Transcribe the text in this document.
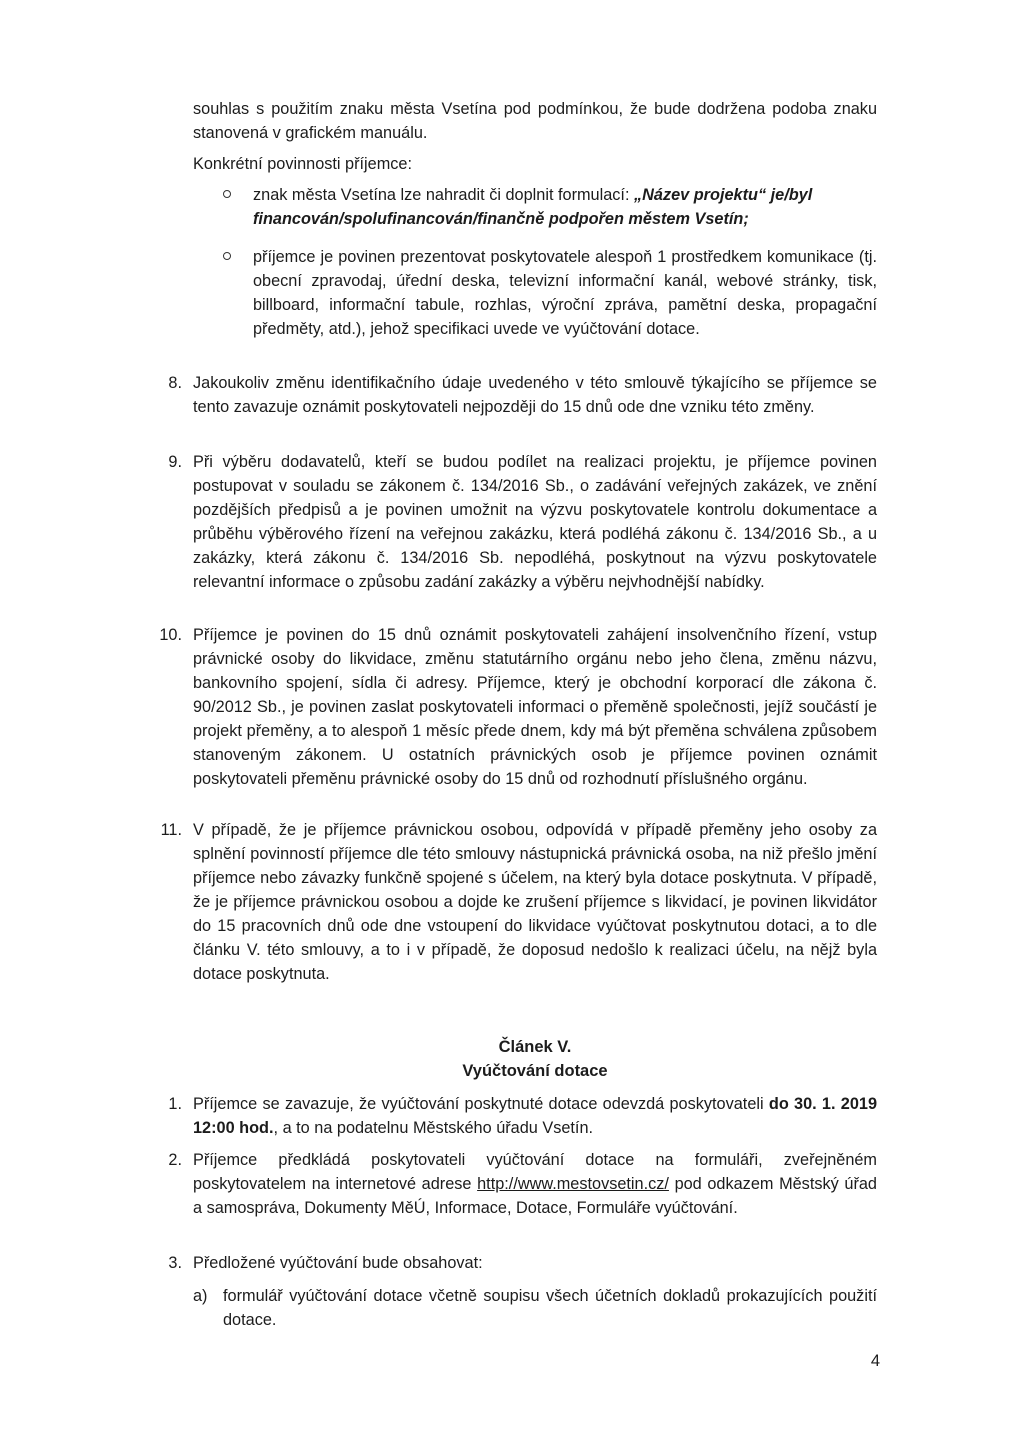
souhlas s použitím znaku města Vsetína pod podmínkou, že bude dodržena podoba znaku stanovená v grafickém manuálu.

Konkrétní povinnosti příjemce:

znak města Vsetína lze nahradit či doplnit formulací: „Název projektu“ je/byl financován/spolufinancován/finančně podpořen městem Vsetín;

příjemce je povinen prezentovat poskytovatele alespoň 1 prostředkem komunikace (tj. obecní zpravodaj, úřední deska, televizní informační kanál, webové stránky, tisk, billboard, informační tabule, rozhlas, výroční zpráva, pamětní deska, propagační předměty, atd.), jehož specifikaci uvede ve vyúčtování dotace.

8. Jakoukoliv změnu identifikačního údaje uvedeného v této smlouvě týkajícího se příjemce se tento zavazuje oznámit poskytovateli nejpozději do 15 dnů ode dne vzniku této změny.

9. Při výběru dodavatelů, kteří se budou podílet na realizaci projektu, je příjemce povinen postupovat v souladu se zákonem č. 134/2016 Sb., o zadávání veřejných zakázek, ve znění pozdějších předpisů a je povinen umožnit na výzvu poskytovatele kontrolu dokumentace a průběhu výběrového řízení na veřejnou zakázku, která podléhá zákonu č. 134/2016 Sb., a u zakázky, která zákonu č. 134/2016 Sb. nepodléhá, poskytnout na výzvu poskytovatele relevantní informace o způsobu zadání zakázky a výběru nejvhodnější nabídky.

10. Příjemce je povinen do 15 dnů oznámit poskytovateli zahájení insolvenčního řízení, vstup právnické osoby do likvidace, změnu statutárního orgánu nebo jeho člena, změnu názvu, bankovního spojení, sídla či adresy. Příjemce, který je obchodní korporací dle zákona č. 90/2012 Sb., je povinen zaslat poskytovateli informaci o přeměně společnosti, jejíž součástí je projekt přeměny, a to alespoň 1 měsíc přede dnem, kdy má být přeměna schválena způsobem stanoveným zákonem. U ostatních právnických osob je příjemce povinen oznámit poskytovateli přeměnu právnické osoby do 15 dnů od rozhodnutí příslušného orgánu.

11. V případě, že je příjemce právnickou osobou, odpovídá v případě přeměny jeho osoby za splnění povinností příjemce dle této smlouvy nástupnická právnická osoba, na niž přešlo jmění příjemce nebo závazky funkčně spojené s účelem, na který byla dotace poskytnuta. V případě, že je příjemce právnickou osobou a dojde ke zrušení příjemce s likvidací, je povinen likvidátor do 15 pracovních dnů ode dne vstoupení do likvidace vyúčtovat poskytnutou dotaci, a to dle článku V. této smlouvy, a to i v případě, že doposud nedošlo k realizaci účelu, na nějž byla dotace poskytnuta.

Článek V.
Vyúčtování dotace
1. Příjemce se zavazuje, že vyúčtování poskytnuté dotace odevzdá poskytovateli do 30. 1. 2019 12:00 hod., a to na podatelnu Městského úřadu Vsetín.

2. Příjemce předkládá poskytovateli vyúčtování dotace na formuláři, zveřejněném poskytovatelem na internetové adrese http://www.mestovsetin.cz/ pod odkazem Městský úřad a samospráva, Dokumenty MěÚ, Informace, Dotace, Formuláře vyúčtování.

3. Předložené vyúčtování bude obsahovat:

a) formulář vyúčtování dotace včetně soupisu všech účetních dokladů prokazujících použití dotace.

4
